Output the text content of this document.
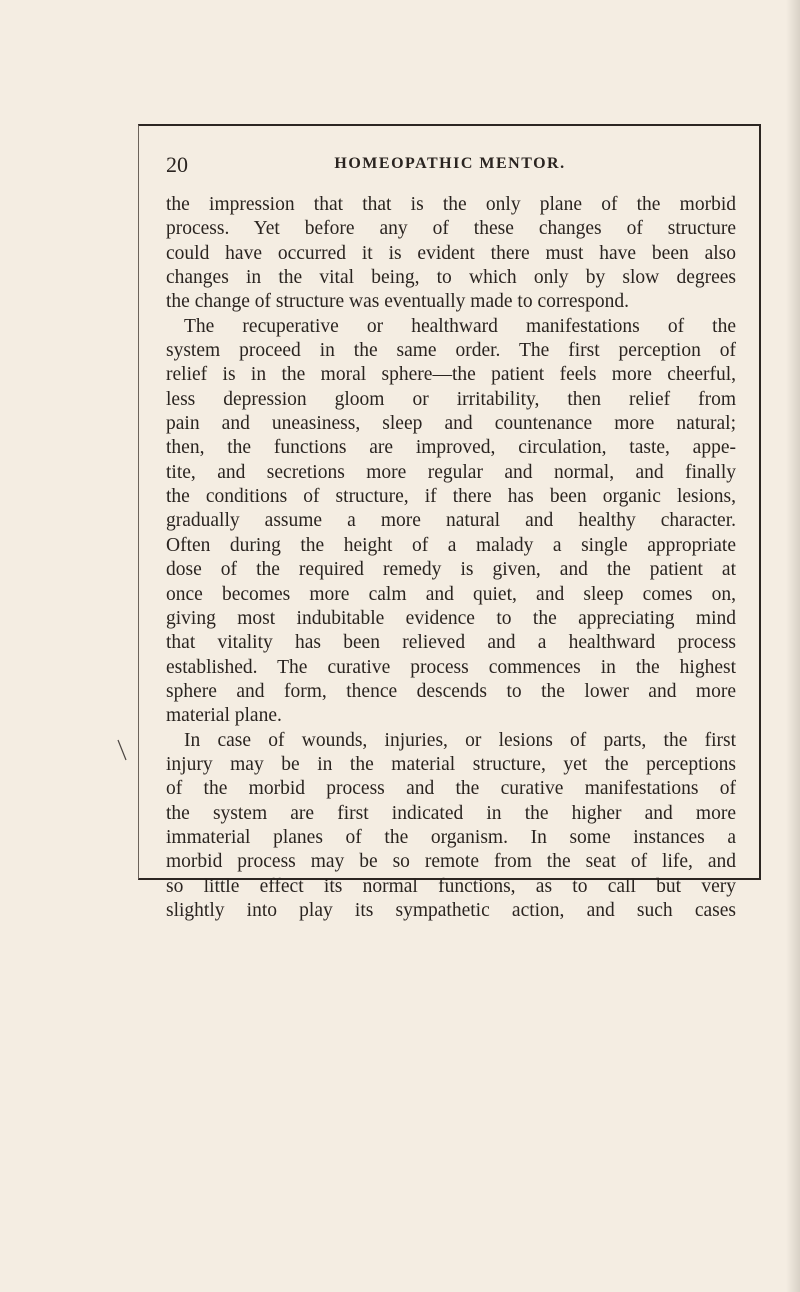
20	HOMEOPATHIC MENTOR.
the impression that that is the only plane of the morbid
process. Yet before any of these changes of structure
could have occurred it is evident there must have been also
changes in the vital being, to which only by slow degrees
the change of structure was eventually made to correspond.
The recuperative or healthward manifestations of the
system proceed in the same order. The first perception of
relief is in the moral sphere—the patient feels more cheerful,
less depression gloom or irritability, then relief from
pain and uneasiness, sleep and countenance more natural;
then, the functions are improved, circulation, taste, appe-
tite, and secretions more regular and normal, and finally
the conditions of structure, if there has been organic lesions,
gradually assume a more natural and healthy character.
Often during the height of a malady a single appropriate
dose of the required remedy is given, and the patient at
once becomes more calm and quiet, and sleep comes on,
giving most indubitable evidence to the appreciating mind
that vitality has been relieved and a healthward process
established. The curative process commences in the highest
sphere and form, thence descends to the lower and more
material plane.
In case of wounds, injuries, or lesions of parts, the first
injury may be in the material structure, yet the perceptions
of the morbid process and the curative manifestations of
the system are first indicated in the higher and more
immaterial planes of the organism. In some instances a
morbid process may be so remote from the seat of life, and
so little effect its normal functions, as to call but very
slightly into play its sympathetic action, and such cases
